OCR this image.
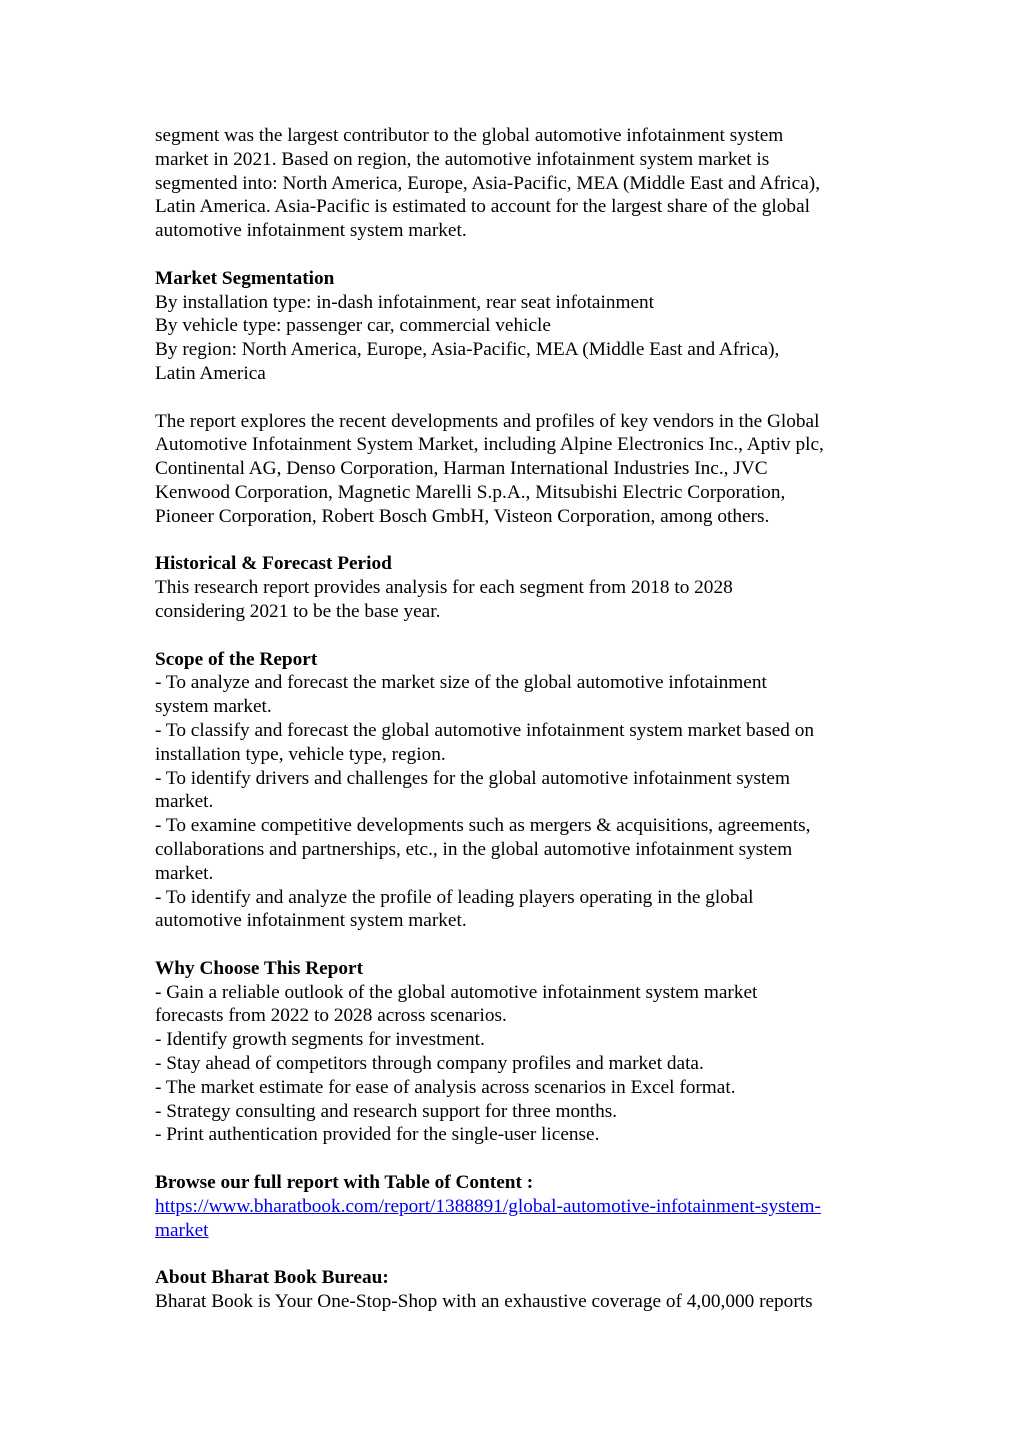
segment was the largest contributor to the global automotive infotainment system
market in 2021. Based on region, the automotive infotainment system market is
segmented into: North America, Europe, Asia-Pacific, MEA (Middle East and Africa),
Latin America. Asia-Pacific is estimated to account for the largest share of the global
automotive infotainment system market.
Market Segmentation
By installation type: in-dash infotainment, rear seat infotainment
By vehicle type: passenger car, commercial vehicle
By region: North America, Europe, Asia-Pacific, MEA (Middle East and Africa),
Latin America
The report explores the recent developments and profiles of key vendors in the Global
Automotive Infotainment System Market, including Alpine Electronics Inc., Aptiv plc,
Continental AG, Denso Corporation, Harman International Industries Inc., JVC
Kenwood Corporation, Magnetic Marelli S.p.A., Mitsubishi Electric Corporation,
Pioneer Corporation, Robert Bosch GmbH, Visteon Corporation, among others.
Historical & Forecast Period
This research report provides analysis for each segment from 2018 to 2028
considering 2021 to be the base year.
Scope of the Report
- To analyze and forecast the market size of the global automotive infotainment
system market.
- To classify and forecast the global automotive infotainment system market based on
installation type, vehicle type, region.
- To identify drivers and challenges for the global automotive infotainment system
market.
- To examine competitive developments such as mergers & acquisitions, agreements,
collaborations and partnerships, etc., in the global automotive infotainment system
market.
- To identify and analyze the profile of leading players operating in the global
automotive infotainment system market.
Why Choose This Report
- Gain a reliable outlook of the global automotive infotainment system market
forecasts from 2022 to 2028 across scenarios.
- Identify growth segments for investment.
- Stay ahead of competitors through company profiles and market data.
- The market estimate for ease of analysis across scenarios in Excel format.
- Strategy consulting and research support for three months.
- Print authentication provided for the single-user license.
Browse our full report with Table of Content :
https://www.bharatbook.com/report/1388891/global-automotive-infotainment-system-
market
About Bharat Book Bureau:
Bharat Book is Your One-Stop-Shop with an exhaustive coverage of 4,00,000 reports
